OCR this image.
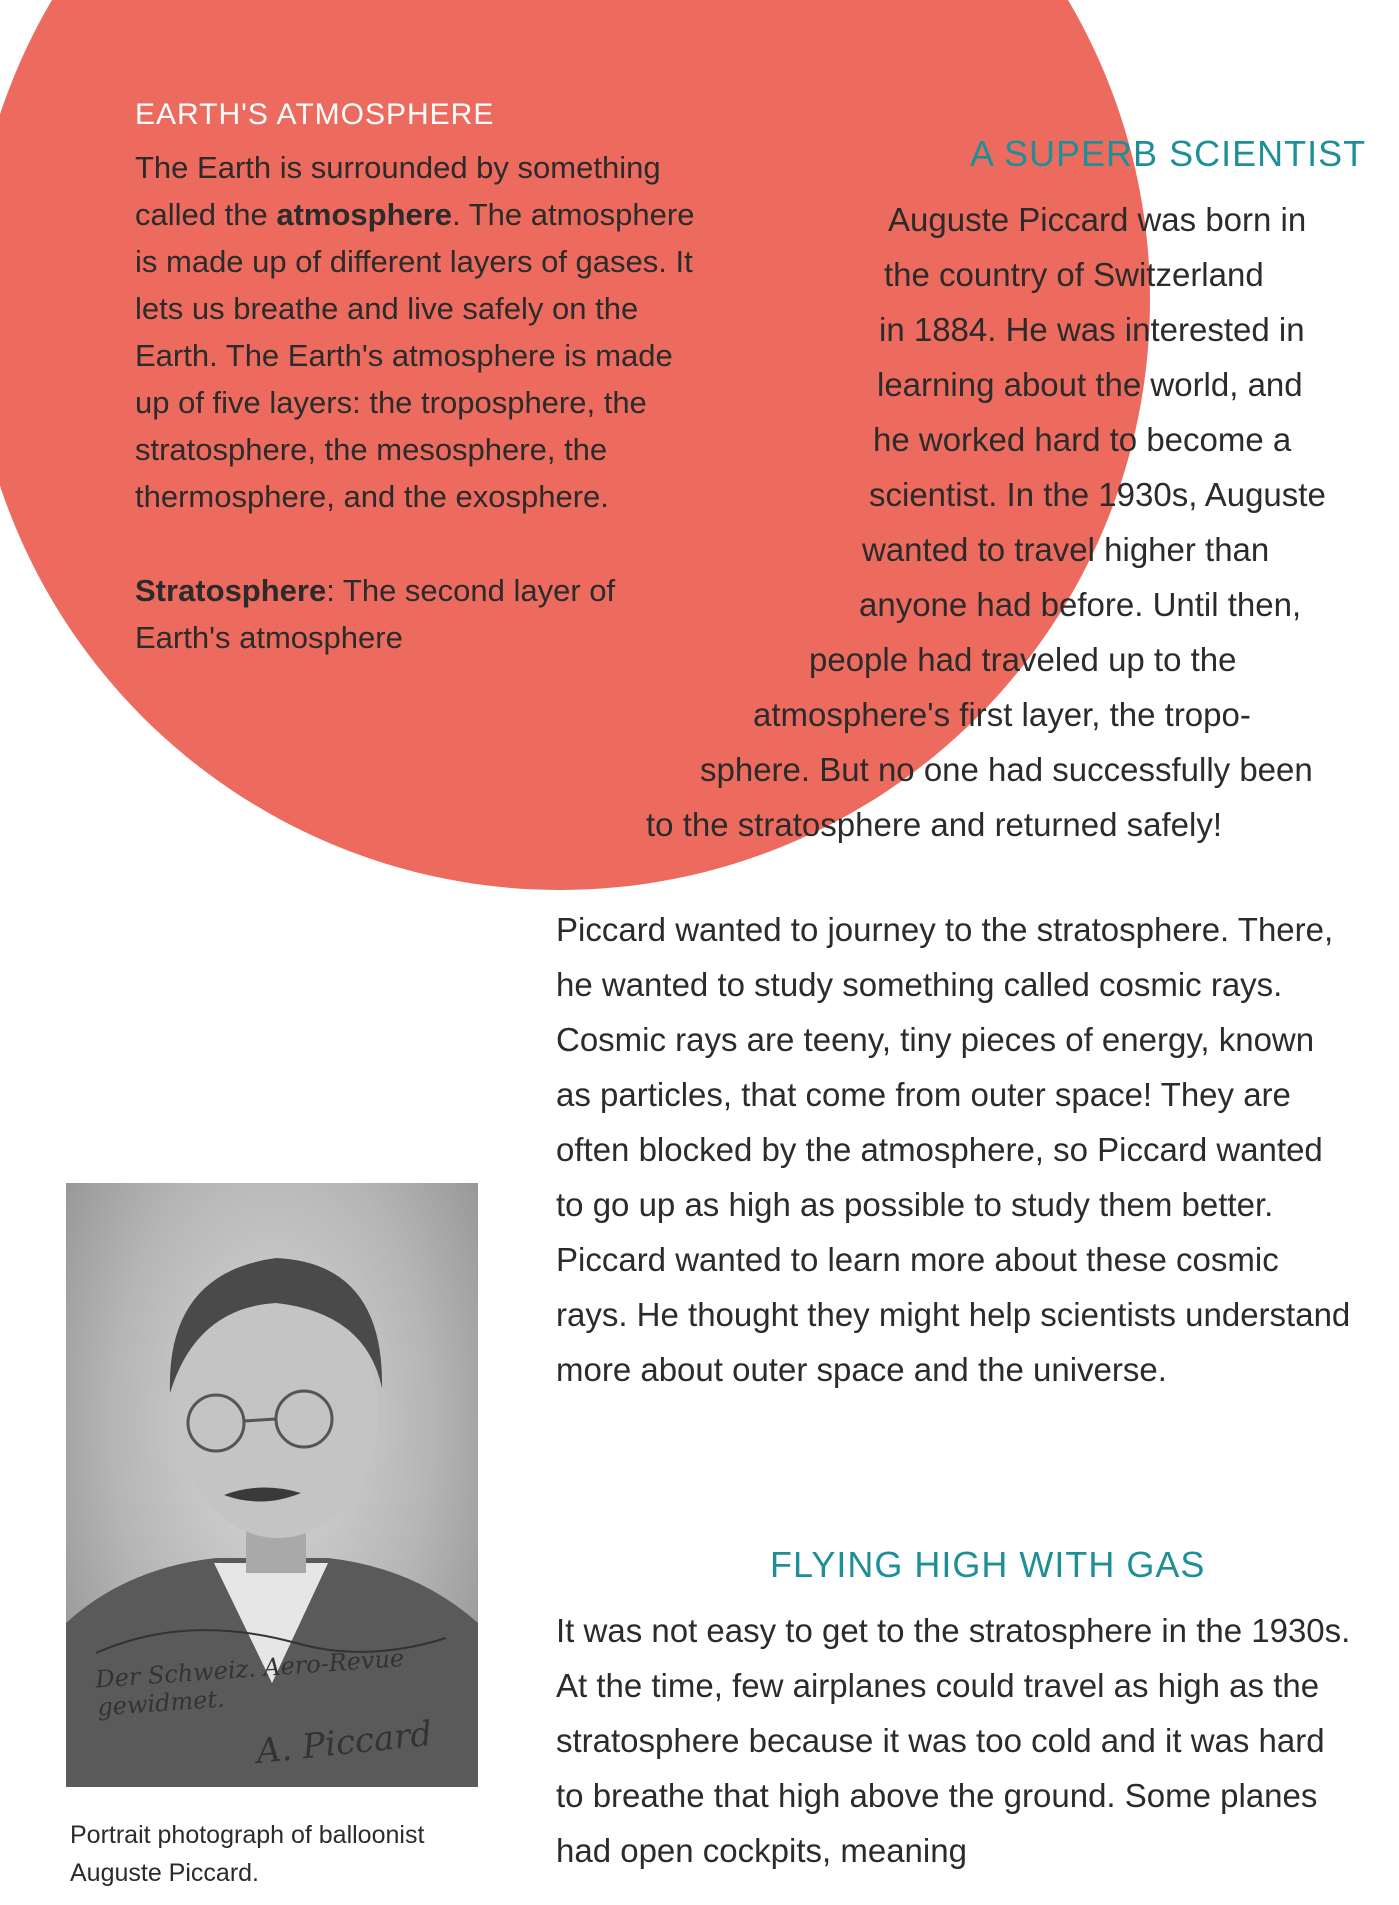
EARTH'S ATMOSPHERE

The Earth is surrounded by something called the atmosphere. The atmosphere is made up of different layers of gases. It lets us breathe and live safely on the Earth. The Earth's atmosphere is made up of five layers: the troposphere, the stratosphere, the mesosphere, the thermosphere, and the exosphere.

Stratosphere: The second layer of Earth's atmosphere

A SUPERB SCIENTIST
Auguste Piccard was born in
the country of Switzerland
in 1884. He was interested in
learning about the world, and
he worked hard to become a
scientist. In the 1930s, Auguste
wanted to travel higher than
anyone had before. Until then,
people had traveled up to the
atmosphere's first layer, the tropo-
sphere. But no one had successfully been
to the stratosphere and returned safely!

Piccard wanted to journey to the stratosphere. There, he wanted to study something called cosmic rays. Cosmic rays are teeny, tiny pieces of energy, known as particles, that come from outer space! They are often blocked by the atmosphere, so Piccard wanted to go up as high as possible to study them better. Piccard wanted to learn more about these cosmic rays. He thought they might help scientists understand more about outer space and the universe.

FLYING HIGH WITH GAS

It was not easy to get to the stratosphere in the 1930s. At the time, few airplanes could travel as high as the stratosphere because it was too cold and it was hard to breathe that high above the ground. Some planes had open cockpits, meaning

Der Schweiz. Aero-Revue gewidmet.
A. Piccard

Portrait photograph of balloonist Auguste Piccard.
